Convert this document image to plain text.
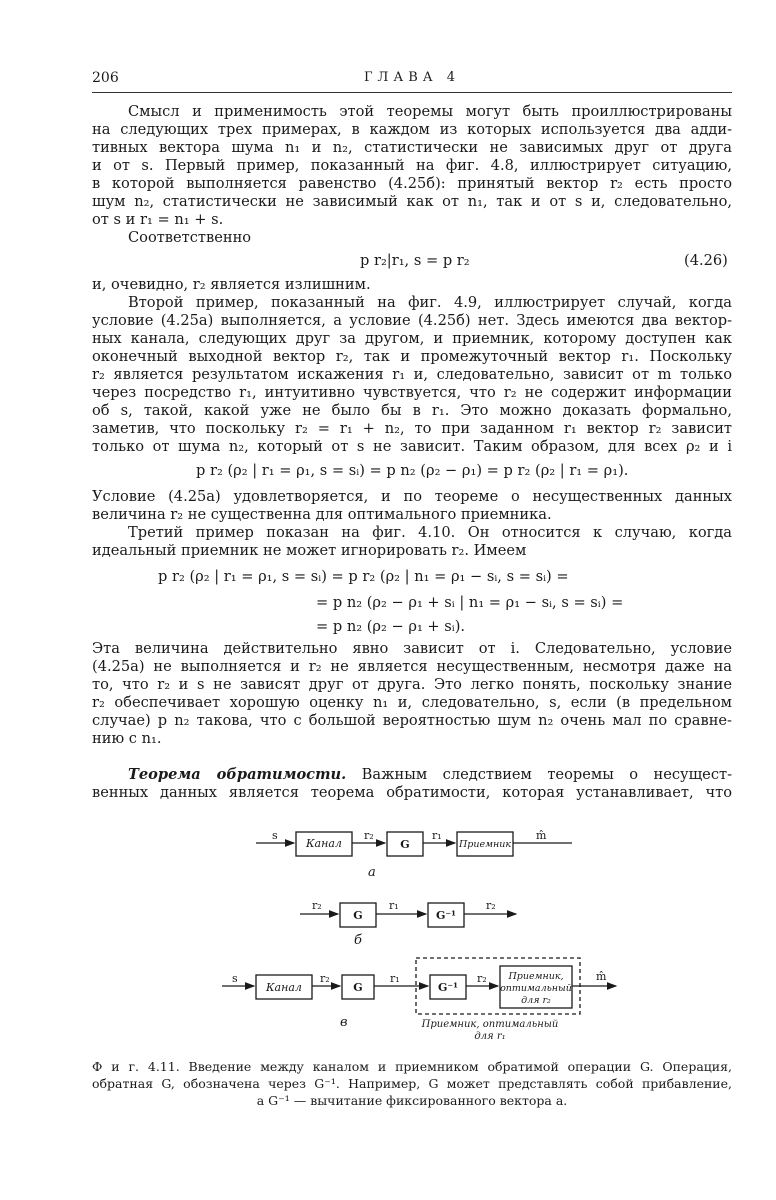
206	ГЛАВА 4

Смысл и применимость этой теоремы могут быть проиллюстрированы

на следующих трех примерах, в каждом из которых используется два адди-

тивных вектора шума n₁ и n₂, статистически не зависимых друг от друга

и от s. Первый пример, показанный на фиг. 4.8, иллюстрирует ситуацию,

в которой выполняется равенство (4.25б): принятый вектор r₂ есть просто

шум n₂, статистически не зависимый как от n₁, так и от s и, следовательно,

от s и r₁ = n₁ + s.

Соответственно

p r₂|r₁, s = p r₂	(4.26)

и, очевидно, r₂ является излишним.

Второй пример, показанный на фиг. 4.9, иллюстрирует случай, когда

условие (4.25а) выполняется, а условие (4.25б) нет. Здесь имеются два вектор-

ных канала, следующих друг за другом, и приемник, которому доступен как

оконечный выходной вектор r₂, так и промежуточный вектор r₁. Поскольку

r₂ является результатом искажения r₁ и, следовательно, зависит от m только

через посредство r₁, интуитивно чувствуется, что r₂ не содержит информации

об s, такой, какой уже не было бы в r₁. Это можно доказать формально,

заметив, что поскольку r₂ = r₁ + n₂, то при заданном r₁ вектор r₂ зависит

только от шума n₂, который от s не зависит. Таким образом, для всех ρ₂ и i

p r₂ (ρ₂ | r₁ = ρ₁, s = sᵢ) = p n₂ (ρ₂ − ρ₁) = p r₂ (ρ₂ | r₁ = ρ₁).

Условие (4.25а) удовлетворяется, и по теореме о несущественных данных

величина r₂ не существенна для оптимального приемника.

Третий пример показан на фиг. 4.10. Он относится к случаю, когда

идеальный приемник не может игнорировать r₂. Имеем

p r₂ (ρ₂ | r₁ = ρ₁, s = sᵢ) = p r₂ (ρ₂ | n₁ = ρ₁ − sᵢ, s = sᵢ) =
= p n₂ (ρ₂ − ρ₁ + sᵢ | n₁ = ρ₁ − sᵢ, s = sᵢ) =
= p n₂ (ρ₂ − ρ₁ + sᵢ).

Эта величина действительно явно зависит от i. Следовательно, условие

(4.25а) не выполняется и r₂ не является несущественным, несмотря даже на

то, что r₂ и s не зависят друг от друга. Это легко понять, поскольку знание

r₂ обеспечивает хорошую оценку n₁ и, следовательно, s, если (в предельном

случае) p n₂ такова, что с большой вероятностью шум n₂ очень мал по сравне-

нию с n₁.

Теорема обратимости. Важным следствием теоремы о несущест-

венных данных является теорема обратимости, которая устанавливает, что

s
Канал
r₂
G
r₁
Приемник
m̂
а
r₂
G
r₁
G⁻¹
r₂
б
s
Канал
r₂
G
r₁
G⁻¹
r₂ Приемник,
оптимальный
для r₂
m̂
Приемник, оптимальный
для r₁
в

Ф и г. 4.11. Введение между каналом и приемником обратимой операции G. Операция,

обратная G, обозначена через G⁻¹. Например, G может представлять собой прибавление,

а G⁻¹ — вычитание фиксированного вектора a.
